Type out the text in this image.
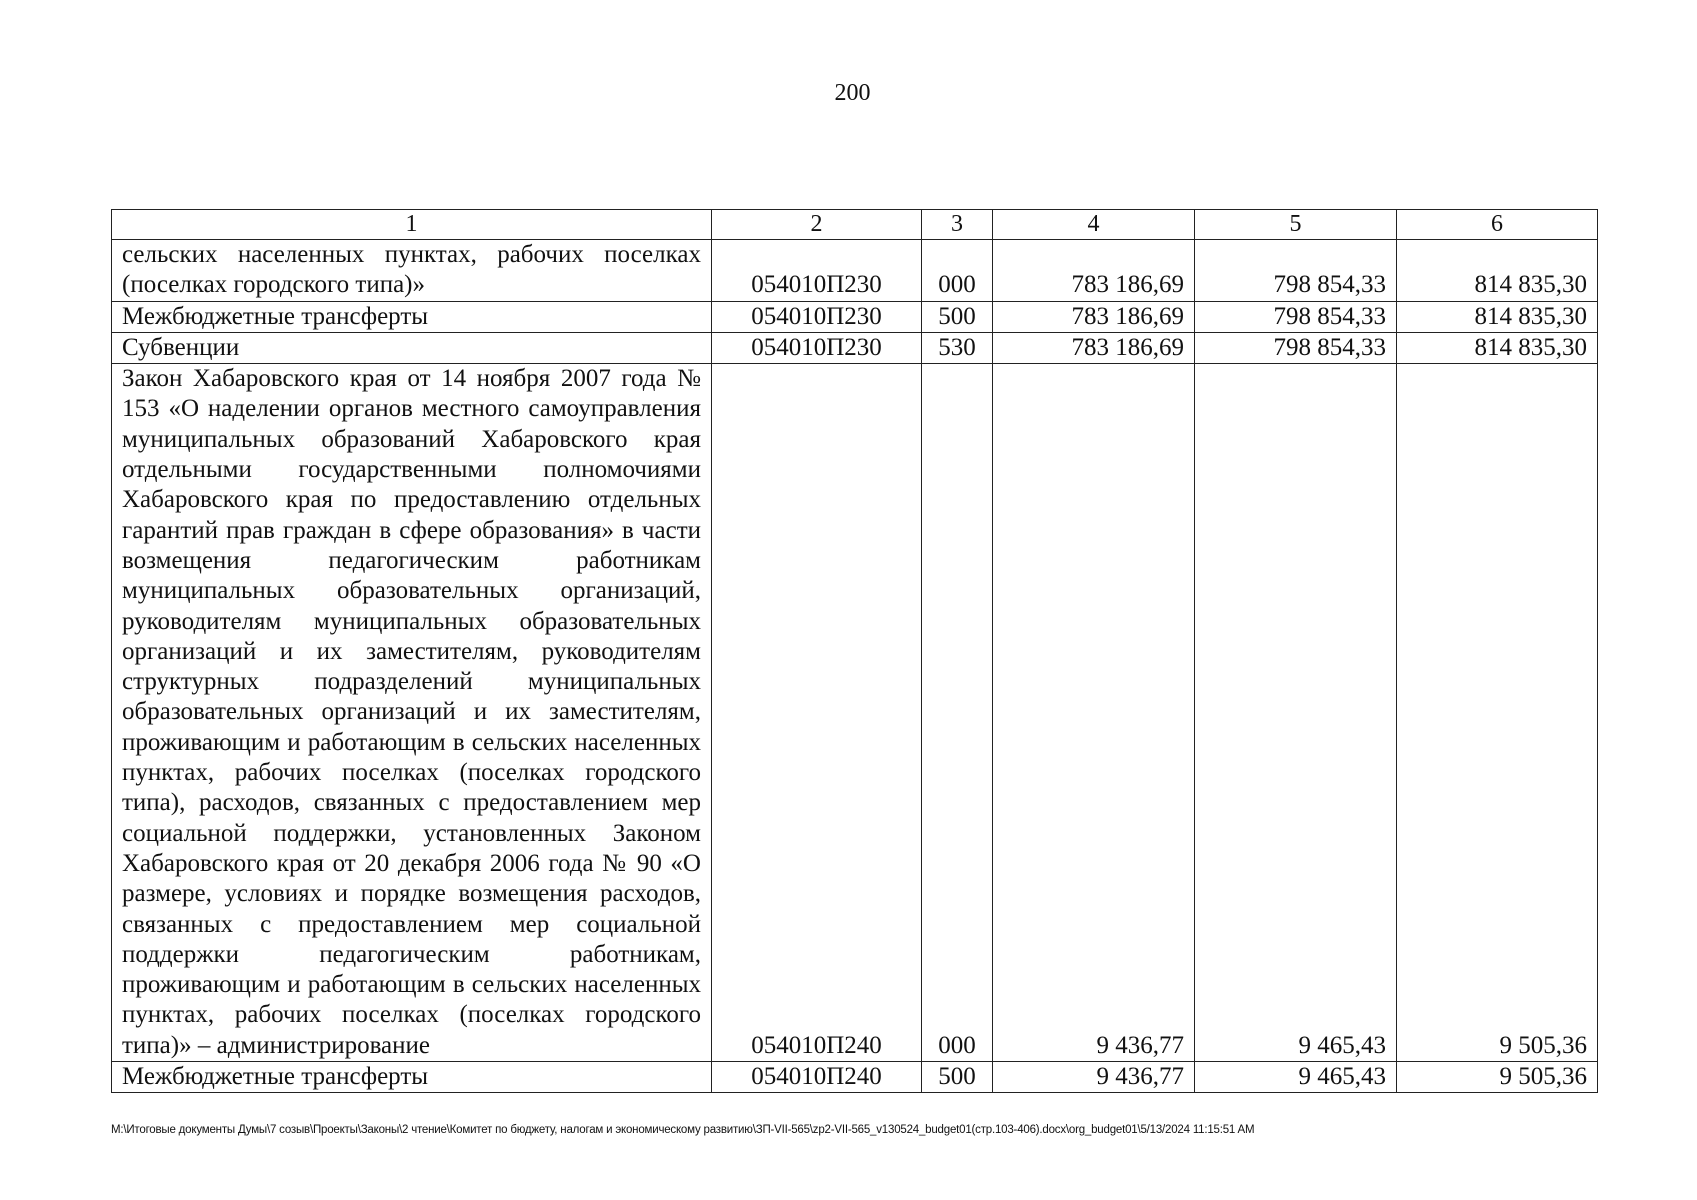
200
1	2	3	4	5	6
сельских населенных пунктах, рабочих поселках (поселках городского типа)»	054010П230	000	783 186,69	798 854,33	814 835,30
Межбюджетные трансферты	054010П230	500	783 186,69	798 854,33	814 835,30
Субвенции	054010П230	530	783 186,69	798 854,33	814 835,30
Закон Хабаровского края от 14 ноября 2007 года № 153 «О наделении органов местного самоуправления муниципальных образований Хабаровского края отдельными государственными полномочиями Хабаровского края по предоставлению отдельных гарантий прав граждан в сфере образования» в части возмещения педагогическим работникам муниципальных образовательных организаций, руководителям муниципальных образовательных организаций и их заместителям, руководителям структурных подразделений муниципальных образовательных организаций и их заместителям, проживающим и работающим в сельских населенных пунктах, рабочих поселках (поселках городского типа), расходов, связанных с предоставлением мер социальной поддержки, установленных Законом Хабаровского края от 20 декабря 2006 года № 90 «О размере, условиях и порядке возмещения расходов, связанных с предоставлением мер социальной поддержки педагогическим работникам, проживающим и работающим в сельских населенных пунктах, рабочих поселках (поселках городского типа)» – администрирование	054010П240	000	9 436,77	9 465,43	9 505,36
Межбюджетные трансферты	054010П240	500	9 436,77	9 465,43	9 505,36
M:\Итоговые документы Думы\7 созыв\Проекты\Законы\2 чтение\Комитет по бюджету, налогам и экономическому развитию\ЗП-VII-565\zp2-VII-565_v130524_budget01(стр.103-406).docx\org_budget01\5/13/2024 11:15:51 AM
